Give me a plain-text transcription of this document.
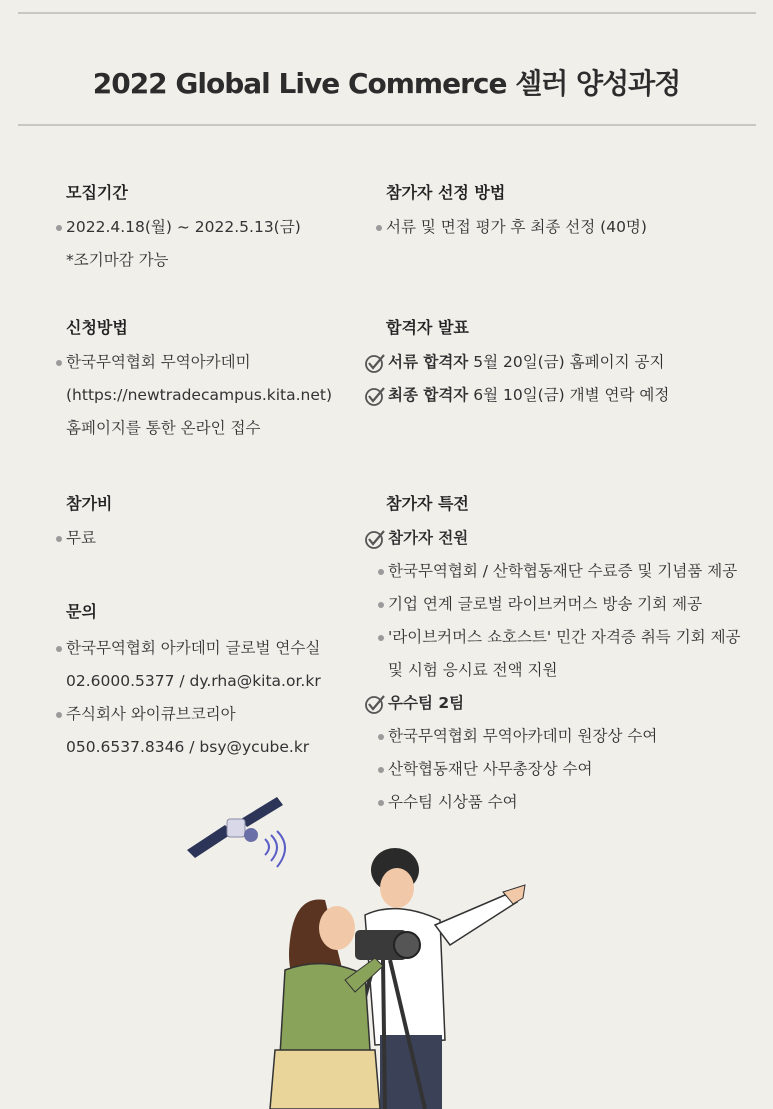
2022 Global Live Commerce 셀러 양성과정

모집기간

2022.4.18(월) ~ 2022.5.13(금)
*조기마감 가능

신청방법

한국무역협회 무역아카데미
(https://newtradecampus.kita.net)
홈페이지를 통한 온라인 접수

참가비

무료

문의

한국무역협회 아카데미 글로벌 연수실
02.6000.5377 / dy.rha@kita.or.kr
주식회사 와이큐브코리아
050.6537.8346 / bsy@ycube.kr

참가자 선정 방법

서류 및 면접 평가 후 최종 선정 (40명)

합격자 발표

서류 합격자 5월 20일(금) 홈페이지 공지
최종 합격자 6월 10일(금) 개별 연락 예정

참가자 특전

참가자 전원
한국무역협회 / 산학협동재단 수료증 및 기념품 제공
기업 연계 글로벌 라이브커머스 방송 기회 제공
'라이브커머스 쇼호스트' 민간 자격증 취득 기회 제공
및 시험 응시료 전액 지원
우수팀 2팀
한국무역협회 무역아카데미 원장상 수여
산학협동재단 사무총장상 수여
우수팀 시상품 수여
